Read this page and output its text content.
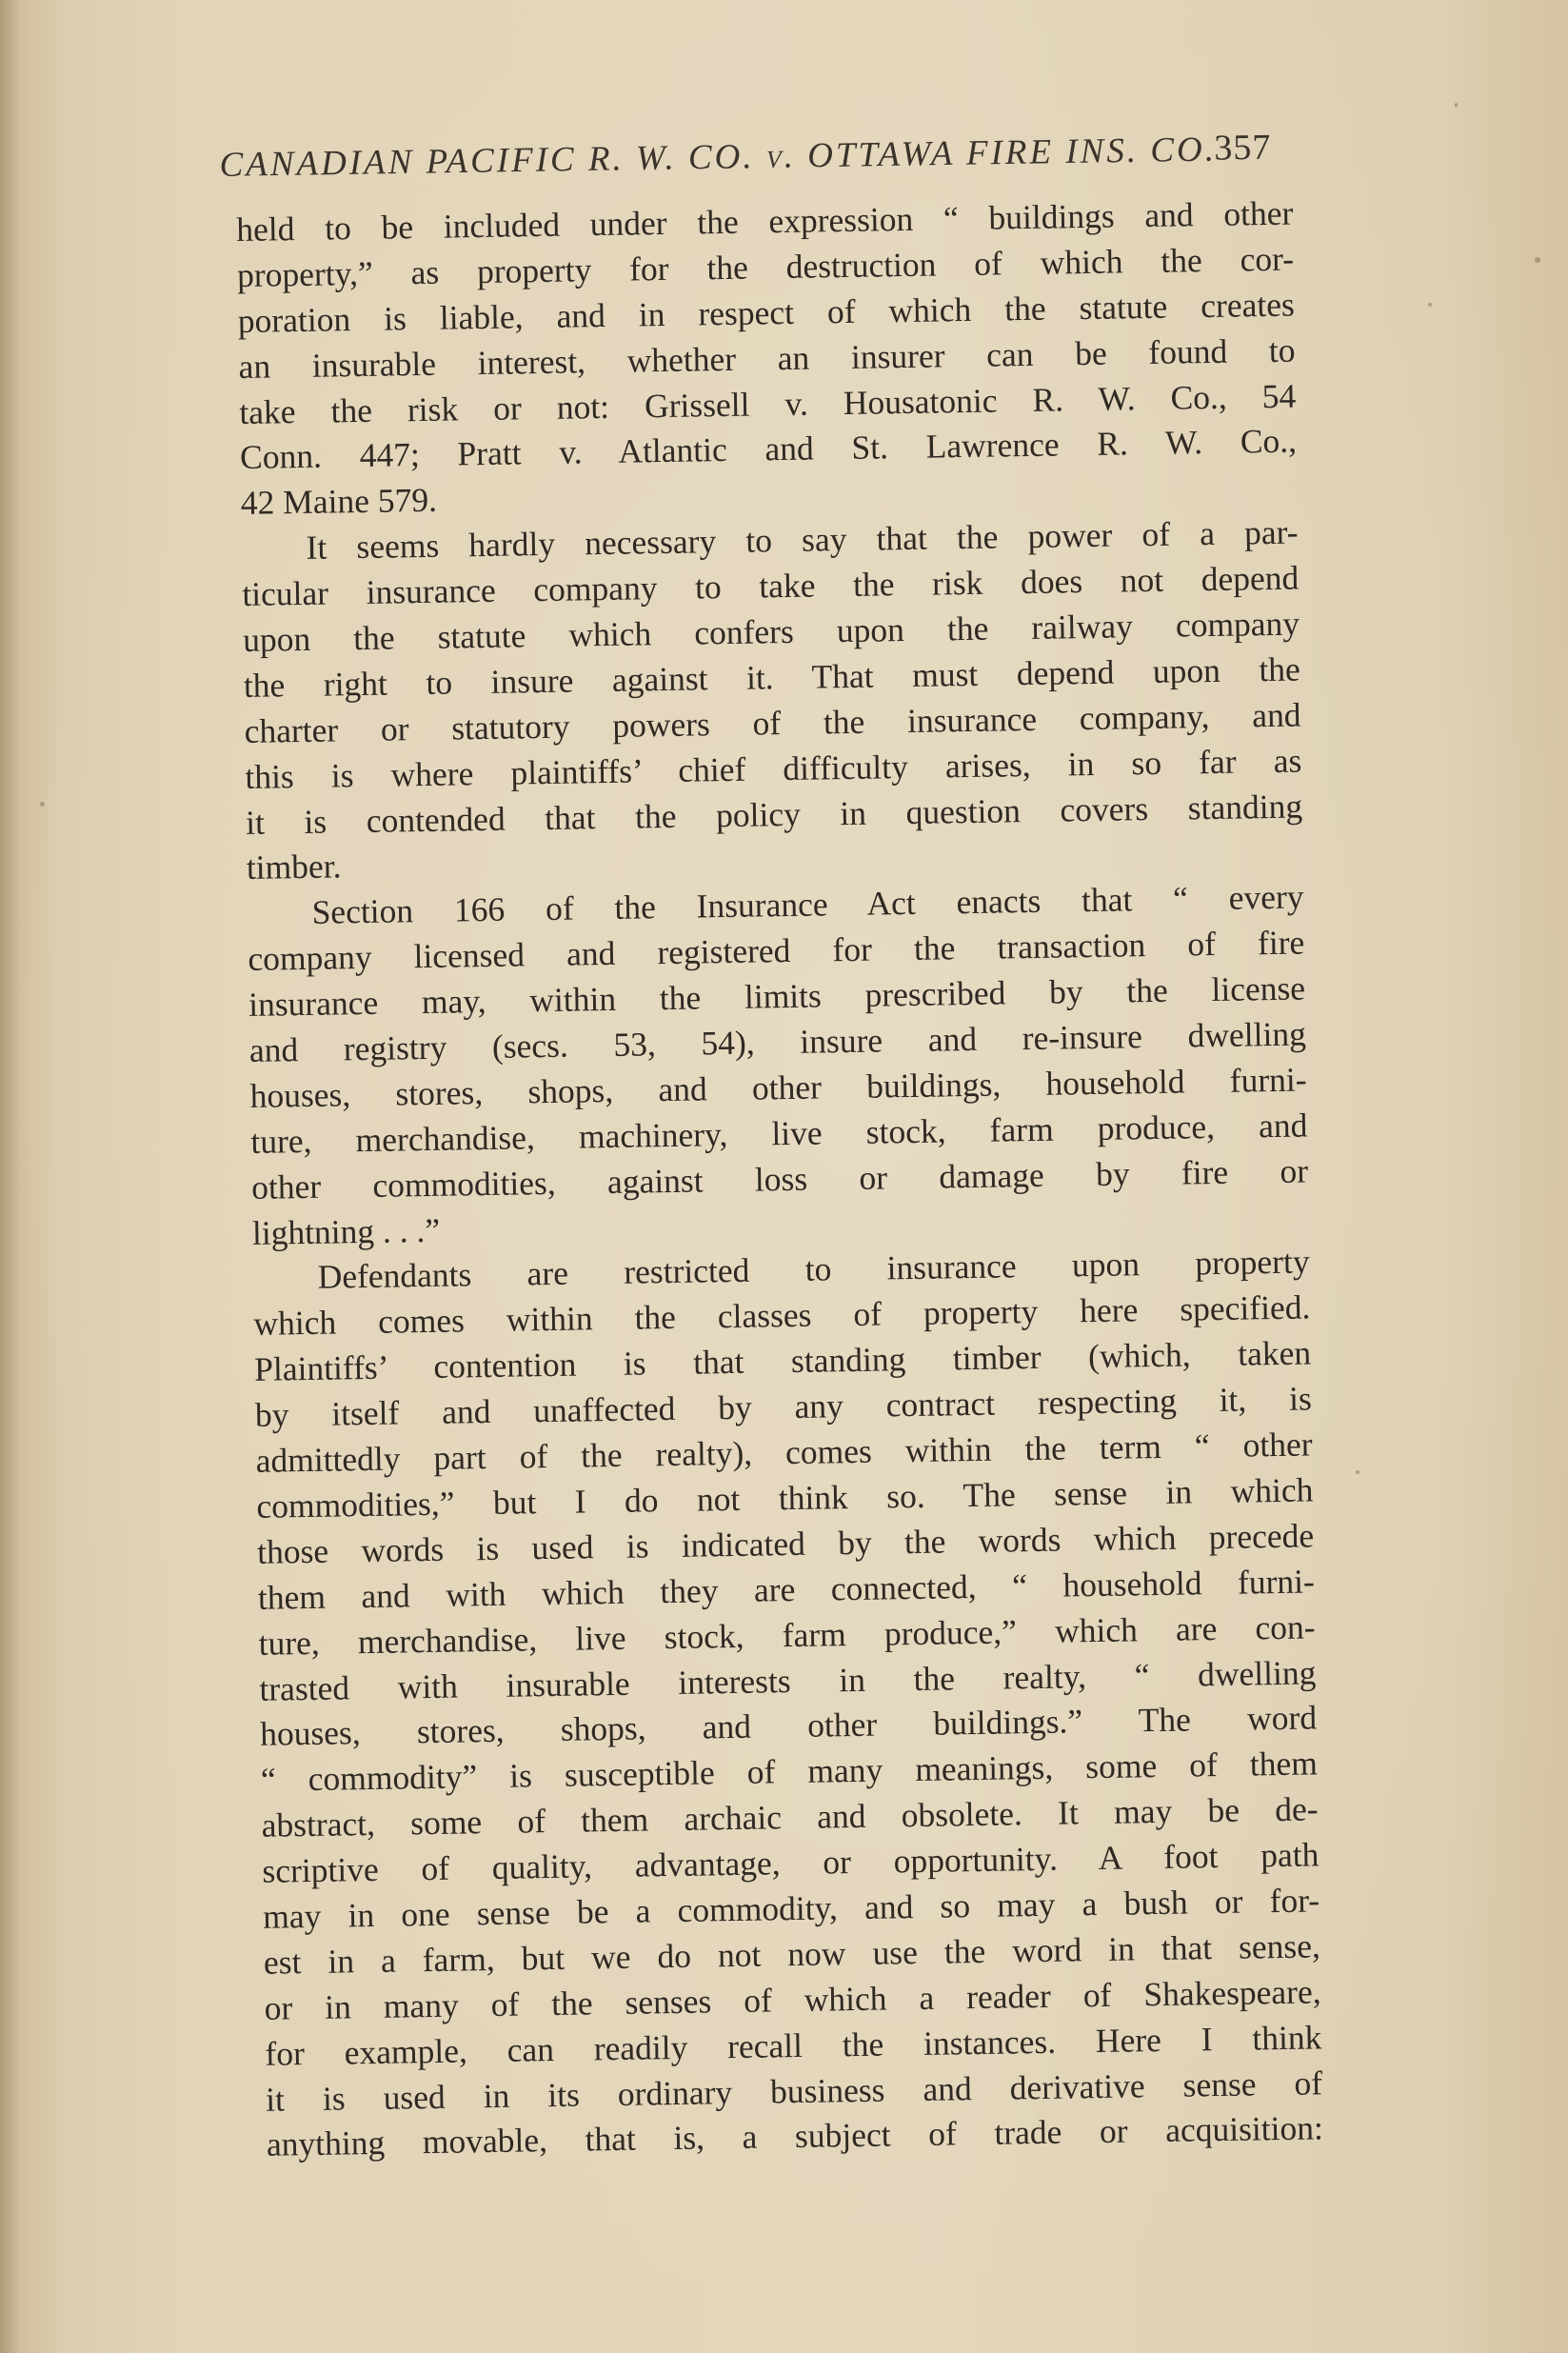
CANADIAN PACIFIC R. W. CO. v. OTTAWA FIRE INS. CO.
357
held to be included under the expression “ buildings and other
property,” as property for the destruction of which the cor-
poration is liable, and in respect of which the statute creates
an insurable interest, whether an insurer can be found to
take the risk or not: Grissell v. Housatonic R. W. Co., 54
Conn. 447; Pratt v. Atlantic and St. Lawrence R. W. Co.,
42 Maine 579.
It seems hardly necessary to say that the power of a par-
ticular insurance company to take the risk does not depend
upon the statute which confers upon the railway company
the right to insure against it. That must depend upon the
charter or statutory powers of the insurance company, and
this is where plaintiffs’ chief difficulty arises, in so far as
it is contended that the policy in question covers standing
timber.
Section 166 of the Insurance Act enacts that “ every
company licensed and registered for the transaction of fire
insurance may, within the limits prescribed by the license
and registry (secs. 53, 54), insure and re-insure dwelling
houses, stores, shops, and other buildings, household furni-
ture, merchandise, machinery, live stock, farm produce, and
other commodities, against loss or damage by fire or
lightning . . .”
Defendants are restricted to insurance upon property
which comes within the classes of property here specified.
Plaintiffs’ contention is that standing timber (which, taken
by itself and unaffected by any contract respecting it, is
admittedly part of the realty), comes within the term “ other
commodities,” but I do not think so. The sense in which
those words is used is indicated by the words which precede
them and with which they are connected, “ household furni-
ture, merchandise, live stock, farm produce,” which are con-
trasted with insurable interests in the realty, “ dwelling
houses, stores, shops, and other buildings.” The word
“ commodity” is susceptible of many meanings, some of them
abstract, some of them archaic and obsolete. It may be de-
scriptive of quality, advantage, or opportunity. A foot path
may in one sense be a commodity, and so may a bush or for-
est in a farm, but we do not now use the word in that sense,
or in many of the senses of which a reader of Shakespeare,
for example, can readily recall the instances. Here I think
it is used in its ordinary business and derivative sense of
anything movable, that is, a subject of trade or acquisition:
